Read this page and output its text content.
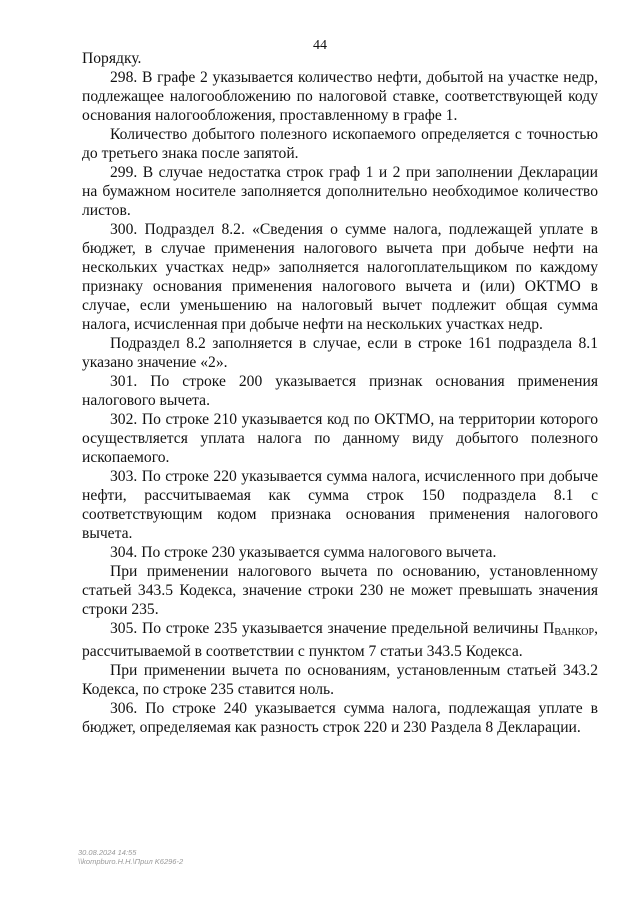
44

Порядку.

298. В графе 2 указывается количество нефти, добытой на участке недр, подлежащее налогообложению по налоговой ставке, соответствующей коду основания налогообложения, проставленному в графе 1.

Количество добытого полезного ископаемого определяется с точностью до третьего знака после запятой.

299. В случае недостатка строк граф 1 и 2 при заполнении Декларации на бумажном носителе заполняется дополнительно необходимое количество листов.

300. Подраздел 8.2. «Сведения о сумме налога, подлежащей уплате в бюджет, в случае применения налогового вычета при добыче нефти на нескольких участках недр» заполняется налогоплательщиком по каждому признаку основания применения налогового вычета и (или) ОКТМО в случае, если уменьшению на налоговый вычет подлежит общая сумма налога, исчисленная при добыче нефти на нескольких участках недр.

Подраздел 8.2 заполняется в случае, если в строке 161 подраздела 8.1 указано значение «2».

301. По строке 200 указывается признак основания применения налогового вычета.

302. По строке 210 указывается код по ОКТМО, на территории которого осуществляется уплата налога по данному виду добытого полезного ископаемого.

303. По строке 220 указывается сумма налога, исчисленного при добыче нефти, рассчитываемая как сумма строк 150 подраздела 8.1 с соответствующим кодом признака основания применения налогового вычета.

304. По строке 230 указывается сумма налогового вычета.

При применении налогового вычета по основанию, установленному статьей 343.5 Кодекса, значение строки 230 не может превышать значения строки 235.

305. По строке 235 указывается значение предельной величины $П_{ВАНКОР}$, рассчитываемой в соответствии с пунктом 7 статьи 343.5 Кодекса.

При применении вычета по основаниям, установленным статьей 343.2 Кодекса, по строке 235 ставится ноль.

306. По строке 240 указывается сумма налога, подлежащая уплате в бюджет, определяемая как разность строк 220 и 230 Раздела 8 Декларации.

30.08.2024 14:55
\\kompburo.H.H.\Прил K6296-2
